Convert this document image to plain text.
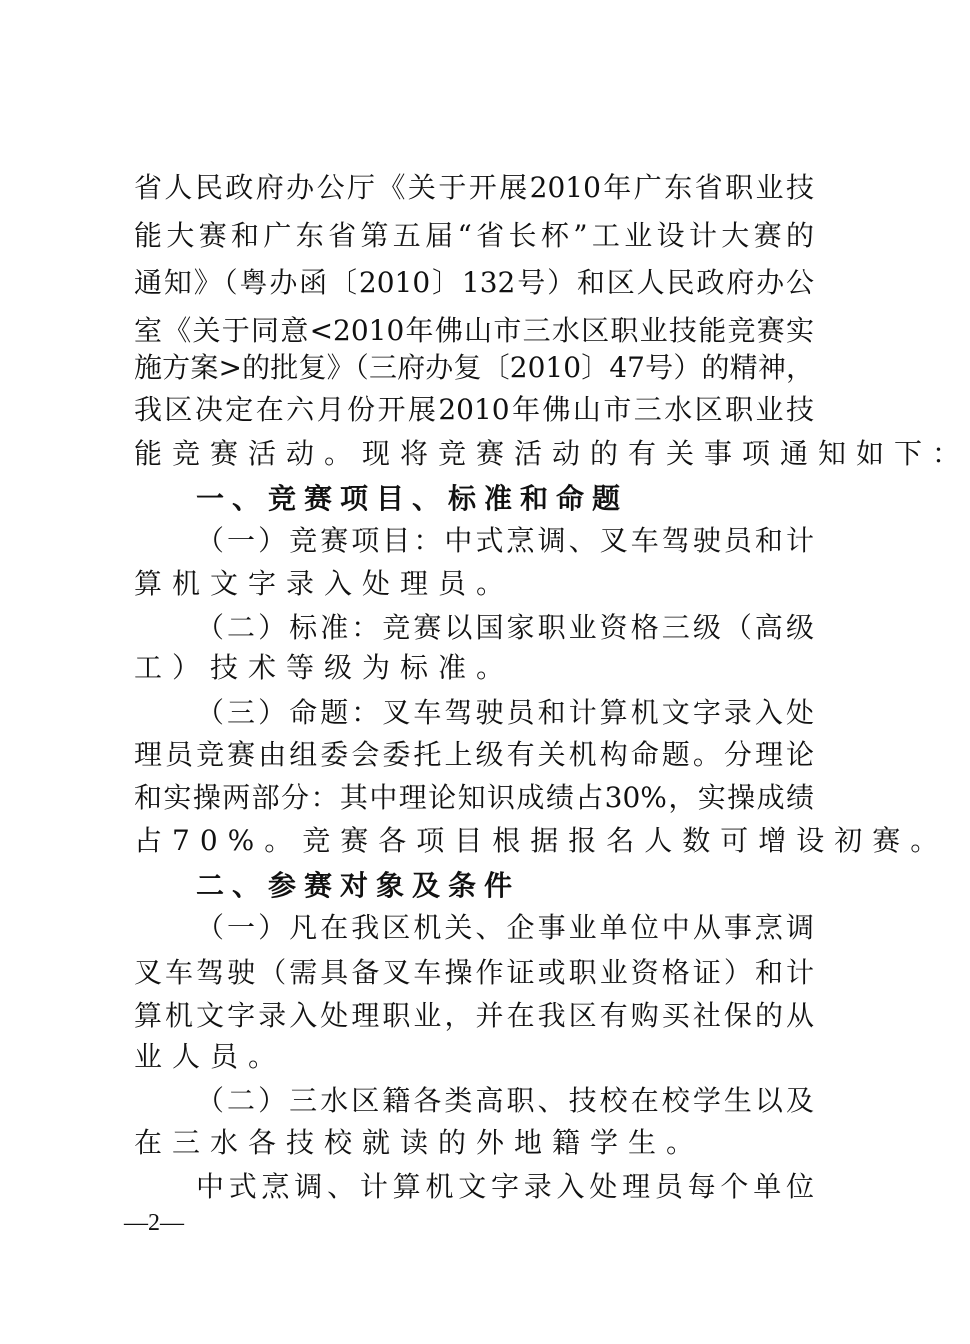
省人民政府办公厅《关于开展2010年广东省职业技
能大赛和广东省第五届“省长杯”工业设计大赛的
通知》（粤办函〔2010〕132号）和区人民政府办公
室《关于同意<2010年佛山市三水区职业技能竞赛实
施方案>的批复》（三府办复〔2010〕47号）的精神，
我区决定在六月份开展2010年佛山市三水区职业技
能竞赛活动。现将竞赛活动的有关事项通知如下：
一、竞赛项目、标准和命题
（一）竞赛项目：中式烹调、叉车驾驶员和计
算机文字录入处理员。
（二）标准：竞赛以国家职业资格三级（高级
工）技术等级为标准。
（三）命题：叉车驾驶员和计算机文字录入处
理员竞赛由组委会委托上级有关机构命题。分理论
和实操两部分：其中理论知识成绩占30%，实操成绩
占70%。竞赛各项目根据报名人数可增设初赛。
二、参赛对象及条件
（一）凡在我区机关、企事业单位中从事烹调
叉车驾驶（需具备叉车操作证或职业资格证）和计
算机文字录入处理职业，并在我区有购买社保的从
业人员。
（二）三水区籍各类高职、技校在校学生以及
在三水各技校就读的外地籍学生。
中式烹调、计算机文字录入处理员每个单位
—2—
